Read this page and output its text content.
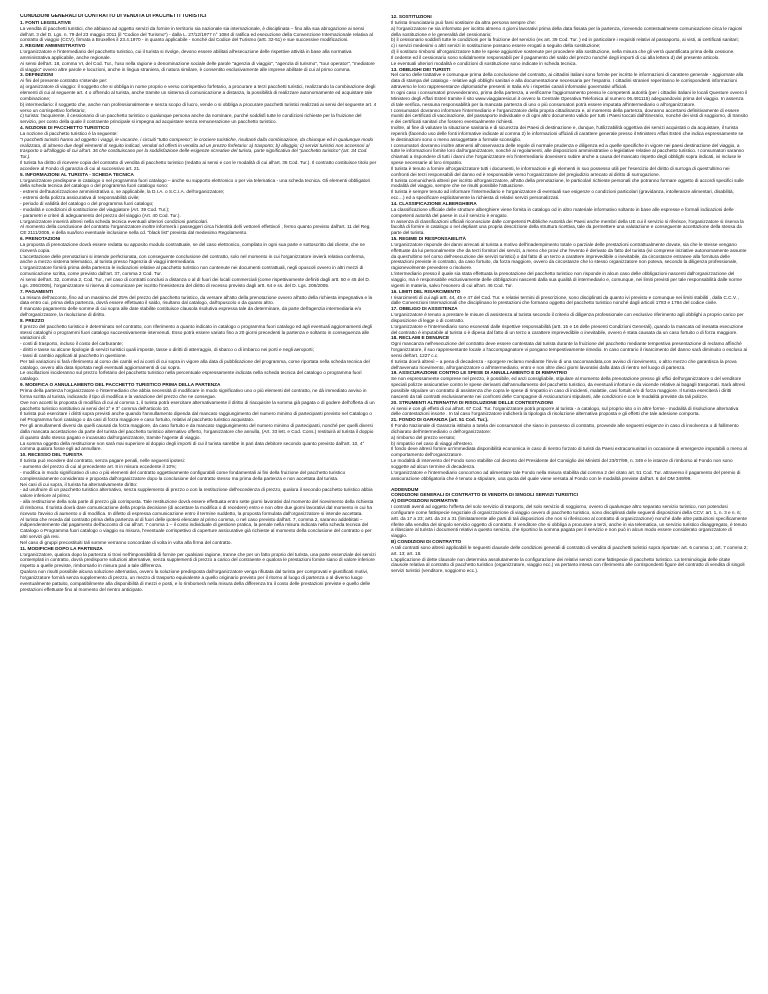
CONDIZIONI GENERALI DI CONTRATTO DI VENDITA DI PACCHETTI TURISTICI
1. FONTI LEGISLATIVE
La vendita di pacchetti turistici, che abbiano ad oggetto servizi da fornire in territorio sia nazionale sia internazionale, è disciplinata – fino alla sua abrogazione ai sensi dell'art. 3 del D. Lgs. n. 79 del 23 maggio 2011 (il "Codice del Turismo") - dalla L. 27/12/1977 n° 1084 di ratifica ed esecuzione della Convenzione Internazionale relativa al contratto di viaggio (CCV), firmata a Bruxelles il 23.4.1970 - in quanto applicabile - nonché dal Codice del Turismo (artt. 32-51) e sue successive modificazioni.
2. REGIME AMMINISTRATIVO
L'organizzatore e l'intermediario del pacchetto turistico, cui il turista si rivolge, devono essere abilitati all'esecuzione delle rispettive attività in base alla normativa amministrativa applicabile, anche regionale.
Ai sensi dell'art. 18, comma VI, del Cod. Tur., l'uso nella ragione o denominazione sociale delle parole "agenzia di viaggio", "agenzia di turismo", "tour operator", "mediatore di viaggio" ovvero altre parole e locuzioni, anche in lingua straniera, di natura similare, è consentito esclusivamente alle imprese abilitate di cui al primo comma.
3. DEFINIZIONI
Ai fini del presente contratto s'intende per:
a) organizzatore di viaggio: il soggetto che si obbliga in nome proprio e verso corrispettivo forfetario, a procurare a terzi pacchetti turistici, realizzando la combinazione degli elementi di cui al seguente art. 4 o offrendo al turista, anche tramite un sistema di comunicazione a distanza, la possibilità di realizzare autonomamente ed acquistare tale combinazione;
b) intermediario: il soggetto che, anche non professionalmente e senza scopo di lucro, vende o si obbliga a procurare pacchetti turistici realizzati ai sensi del seguente art. 4 verso un corrispettivo forfetario;
c) turista: l'acquirente, il cessionario di un pacchetto turistico o qualunque persona anche da nominare, purché soddisfi tutte le condizioni richieste per la fruizione del servizio, per conto della quale il contraente principale si impegna ad acquistare senza remunerazione un pacchetto turistico.
4. NOZIONE DI PACCHETTO TURISTICO
La nozione di pacchetto turistico è la seguente:
"I pacchetti turistici hanno ad oggetto i viaggi, le vacanze, i circuiti "tutto compreso", le crociere turistiche, risultanti dalla combinazione, da chiunque ed in qualunque modo realizzata, di almeno due degli elementi di seguito indicati, venduti od offerti in vendita ad un prezzo forfetario: a) trasporto; b) alloggio; c) servizi turistici non accessori al trasporto o all'alloggio di cui all'art. 36 che costituiscano per la soddisfazione delle esigenze ricreative del turista, parte significativa del "pacchetto turistico" (art. 34 Cod. Tur.).
Il turista ha diritto di ricevere copia del contratto di vendita di pacchetto turistico (redatto ai sensi e con le modalità di cui all'art. 35 Cod. Tur.). Il contratto costituisce titolo per accedere al Fondo di garanzia di cui al successivo art. 21.
5. INFORMAZIONI AL TURISTA - SCHEDA TECNICA
L'organizzatore predispone in catalogo o nel programma fuori catalogo – anche su supporto elettronico o per via telematica - una scheda tecnica. Gli elementi obbligatori della scheda tecnica del catalogo o del programma fuori catalogo sono:
- estremi dell'autorizzazione amministrativa o, se applicabile, la D.I.A. o S.C.I.A. dell'organizzatore;
- estremi della polizza assicurativa di responsabilità civile;
- periodo di validità del catalogo o del programma fuori catalogo;
- modalità e condizioni di sostituzione del viaggiatore (Art. 39 Cod. Tur.);
- parametri e criteri di adeguamento del prezzo del viaggio (Art. 40 Cod. Tur.).
L'organizzatore inserirà altresì nella scheda tecnica eventuali ulteriori condizioni particolari.
Al momento della conclusione del contratto l'organizzatore inoltre informerà i passeggeri circa l'identità del/i vettore/i effettivo/i , fermo quanto previsto dall'art. 11 del Reg. CE 2111/2005, e della sua/loro eventuale inclusione nella cd. "black list" prevista dal medesimo Regolamento.
6. PRENOTAZIONI
La proposta di prenotazione dovrà essere redatta su apposito modulo contrattuale, se del caso elettronico, compilato in ogni sua parte e sottoscritto dal cliente, che ne riceverà copia.
L'accettazione delle prenotazioni si intende perfezionata, con conseguente conclusione del contratto, solo nel momento in cui l'organizzatore invierà relativa conferma, anche a mezzo sistema telematico, al turista presso l'agenzia di viaggi intermediaria.
L'organizzatore fornirà prima della partenza le indicazioni relative al pacchetto turistico non contenute nei documenti contrattuali, negli opuscoli ovvero in altri mezzi di comunicazione scritta, come previsto dall'art. 37, comma 2 Cod. Tur.
Ai sensi dell'art. 32, comma 2, Cod. Tur., nel caso di contratti conclusi a distanza o al di fuori dei locali commerciali (come rispettivamente definiti dagli artt. 50 e 45 del D. Lgs. 206/2005), l'organizzatore si riserva di comunicare per iscritto l'inesistenza del diritto di recesso previsto dagli artt. 64 e ss. del D. Lgs. 206/2005.
7. PAGAMENTI
La misura dell'acconto, fino ad un massimo del 25% del prezzo del pacchetto turistico, da versare all'atto della prenotazione ovvero all'atto della richiesta impegnativa e la data entro cui, prima della partenza, dovrà essere effettuato il saldo, risultano dal catalogo, dall'opuscolo o da quanto altro.
Il mancato pagamento delle somme di cui sopra alle date stabilite costituisce clausola risolutiva espressa tale da determinare, da parte dell'agenzia intermediaria e/o dell'organizzatore, la risoluzione di diritto.
8. PREZZO
Il prezzo del pacchetto turistico è determinato nel contratto, con riferimento a quanto indicato in catalogo o programma fuori catalogo ed agli eventuali aggiornamenti degli stessi cataloghi o programmi fuori catalogo successivamente intervenuti. Esso potrà essere variato fino a 20 giorni precedenti la partenza e soltanto in conseguenza alle variazioni di:
- costi di trasporto, incluso il costo del carburante;
- diritti e tasse su alcune tipologie di servizi turistici quali imposte, tasse o diritti di atterraggio, di sbarco o di imbarco nei porti e negli aeroporti;
- tassi di cambio applicati al pacchetto in questione.
Per tali variazioni si farà riferimento al corso dei cambi ed ai costi di cui sopra in vigore alla data di pubblicazione del programma, come riportata nella scheda tecnica del catalogo, ovvero alla data riportata negli eventuali aggiornamenti di cui sopra.
Le oscillazioni incideranno sul prezzo forfetario del pacchetto turistico nella percentuale espressamente indicata nella scheda tecnica del catalogo o programma fuori catalogo.
9. MODIFICA O ANNULLAMENTO DEL PACCHETTO TURISTICO PRIMA DELLA PARTENZA
Prima della partenza l'organizzatore o l'intermediario che abbia necessità di modificare in modo significativo uno o più elementi del contratto, ne dà immediato avviso in forma scritta al turista, indicando il tipo di modifica e la variazione del prezzo che ne consegue.
Ove non accetti la proposta di modifica di cui al comma 1, il turista potrà esercitare alternativamente il diritto di riacquisire la somma già pagata o di godere dell'offerta di un pacchetto turistico sostitutivo ai sensi del 2° e 3° comma dell'articolo 10.
Il turista può esercitare i diritti sopra previsti anche quando l'annullamento dipenda dal mancato raggiungimento del numero minimo di partecipanti previsto nel Catalogo o nel Programma fuori catalogo o da casi di forza maggiore e caso fortuito, relativi al pacchetto turistico acquistato.
Per gli annullamenti diversi da quelli causati da forza maggiore, da caso fortuito e da mancato raggiungimento del numero minimo di partecipanti, nonché per quelli diversi dalla mancata accettazione da parte del turista del pacchetto turistico alternativo offerto, l'organizzatore che annulla, (Art. 33 lett. e Cod. Cons.) restituirà al turista il doppio di quanto dallo stesso pagato e incassato dall'organizzatore, tramite l'agente di viaggio.
La somma oggetto della restituzione non sarà mai superiore al doppio degli importi di cui il turista sarebbe in pari data debitore secondo quanto previsto dall'art. 10, 4° comma qualora fosse egli ad annullare.
10. RECESSO DEL TURISTA
Il turista può recedere dal contratto, senza pagare penali, nelle seguenti ipotesi:
- aumento del prezzo di cui al precedente art. 8 in misura eccedente il 10%;
- modifica in modo significativo di uno o più elementi del contratto oggettivamente configurabili come fondamentali ai fini della fruizione del pacchetto turistico complessivamente considerato e proposta dall'organizzatore dopo la conclusione del contratto stesso ma prima della partenza e non accettata dal turista.
Nei casi di cui sopra, il turista ha alternativamente diritto:
- ad usufruire di un pacchetto turistico alternativo, senza supplemento di prezzo o con la restituzione dell'eccedenza di prezzo, qualora il secondo pacchetto turistico abbia valore inferiore al primo;
- alla restituzione della sola parte di prezzo già corrisposta. Tale restituzione dovrà essere effettuata entro sette giorni lavorativi dal momento del ricevimento della richiesta di rimborso. Il turista dovrà dare comunicazione della propria decisione (di accettare la modifica o di recedere) entro e non oltre due giorni lavorativi dal momento in cui ha ricevuto l'avviso di aumento o di modifica. In difetto di espressa comunicazione entro il termine suddetto, la proposta formulata dall'organizzatore si intende accettata.
Al turista che receda dal contratto prima della partenza al di fuori delle ipotesi elencate al primo comma, o nel caso previsto dall'art. 7, comma 2, saranno addebitati – indipendentemente dal pagamento dell'acconto di cui all'art. 7 comma 1 – il costo individuale di gestione pratica, la penale nella misura indicata nella scheda tecnica del Catalogo o Programma fuori catalogo o viaggio su misura, l'eventuale corrispettivo di coperture assicurative già richieste al momento della conclusione del contratto o per altri servizi già resi.
Nel caso di gruppi precostituiti tali somme verranno concordate di volta in volta alla firma del contratto.
11. MODIFICHE DOPO LA PARTENZA
L'organizzatore, qualora dopo la partenza si trovi nell'impossibilità di fornire per qualsiasi ragione, tranne che per un fatto proprio del turista, una parte essenziale dei servizi contemplati in contratto, dovrà predisporre soluzioni alternative, senza supplementi di prezzo a carico del contraente e qualora le prestazioni fornite siano di valore inferiore rispetto a quelle previste, rimborsarlo in misura pari a tale differenza.
Qualora non risulti possibile alcuna soluzione alternativa, ovvero la soluzione predisposta dall'organizzatore venga rifiutata dal turista per comprovati e giustificati motivi, l'organizzatore fornirà senza supplemento di prezzo, un mezzo di trasporto equivalente a quello originario previsto per il ritorno al luogo di partenza o al diverso luogo eventualmente pattuito, compatibilmente alla disponibilità di mezzi e posti, e lo rimborserà nella misura della differenza tra il costo delle prestazioni previste e quello delle prestazioni effettuate fino al momento del rientro anticipato.
12. SOSTITUZIONI
Il turista rinunciatario può farsi sostituire da altra persona sempre che:
a) l'organizzatore ne sia informato per iscritto almeno 4 giorni lavorativi prima della data fissata per la partenza, ricevendo contestualmente comunicazione circa le ragioni della sostituzione e le generalità del cessionario;
b) il cessionario soddisfi tutte le condizioni per la fruizione del servizio (ex art. 39 Cod. Tur. ) ed in particolare i requisiti relativi al passaporto, ai visti, ai certificati sanitari;
c) i servizi medesimi o altri servizi in sostituzione possano essere erogati a seguito della sostituzione;
d) il sostituto rimborsi all'organizzatore tutte le spese aggiuntive sostenute per procedere alla sostituzione, nella misura che gli verrà quantificata prima della cessione.
Il cedente ed il cessionario sono solidalmente responsabili per il pagamento del saldo del prezzo nonché degli importi di cui alla lettera d) del presente articolo.
Le eventuali ulteriori modalità e condizioni di sostituzione sono indicate in scheda tecnica.
13. OBBLIGHI DEI TURISTI
Nel corso delle trattative e comunque prima della conclusione del contratto, ai cittadini italiani sono fornite per iscritto le informazioni di carattere generale - aggiornate alla data di stampa del catalogo - relative agli obblighi sanitari e alla documentazione necessaria per l'espatrio. I cittadini stranieri reperiranno le corrispondenti informazioni attraverso le loro rappresentanze diplomatiche presenti in Italia e/o i rispettivi canali informativi governativi ufficiali.
In ogni caso i consumatori provvederanno, prima della partenza, a verificarne l'aggiornamento presso le competenti autorità (per i cittadini italiani le locali Questure ovvero il Ministero degli Affari Esteri tramite il sito www.viaggiaresicuri.it ovvero la Centrale Operativa Telefonica al numero 06.491115) adeguandovisi prima del viaggio. In assenza di tale verifica, nessuna responsabilità per la mancata partenza di uno o più consumatori potrà essere imputata all'intermediario o all'organizzatore.
I consumatori dovranno informare l'intermediario e l'organizzatore della propria cittadinanza e, al momento della partenza, dovranno accertarsi definitivamente di essere muniti dei certificati di vaccinazione, del passaporto individuale e di ogni altro documento valido per tutti i Paesi toccati dall'itinerario, nonché dei visti di soggiorno, di transito e dei certificati sanitari che fossero eventualmente richiesti.
Inoltre, al fine di valutare la situazione sanitaria e di sicurezza dei Paesi di destinazione e, dunque, l'utilizzabilità oggettiva dei servizi acquistati o da acquistare, il turista reperirà (facendo uso delle fonti informative indicate al comma 2) le informazioni ufficiali di carattere generale presso il Ministero Affari Esteri che indica espressamente se le destinazioni sono o meno assoggettate a formale sconsiglio.
I consumatori dovranno inoltre attenersi all'osservanza delle regole di normale prudenza e diligenza ed a quelle specifiche in vigore nei paesi destinazione del viaggio, a tutte le informazioni fornite loro dall'organizzatore, nonché ai regolamenti, alle disposizioni amministrative o legislative relative al pacchetto turistico. I consumatori saranno chiamati a rispondere di tutti i danni che l'organizzatore e/o l'intermediario dovessero subire anche a causa del mancato rispetto degli obblighi sopra indicati, ivi incluse le spese necessarie al loro rimpatrio.
Il turista è tenuto a fornire all'organizzatore tutti i documenti, le informazioni e gli elementi in suo possesso utili per l'esercizio del diritto di surroga di quest'ultimo nei confronti dei terzi responsabili del danno ed è responsabile verso l'organizzatore del pregiudizio arrecato al diritto di surrogazione.
Il turista comunicherà altresì per iscritto all'organizzatore, all'atto della prenotazione, le particolari richieste personali che potranno formare oggetto di accordi specifici sulle modalità del viaggio, sempre che ne risulti possibile l'attuazione.
Il turista è sempre tenuto ad informare l'intermediario e l'organizzatore di eventuali sue esigenze o condizioni particolari (gravidanza, intolleranze alimentari, disabilità, ecc…) ed a specificare esplicitamente la richiesta di relativi servizi personalizzati.
14. CLASSIFICAZIONE ALBERGHIERA
La classificazione ufficiale delle strutture alberghiere viene fornita in catalogo od in altro materiale informativo soltanto in base alle espresse e formali indicazioni delle competenti autorità del paese in cui il servizio è erogato.
In assenza di classificazioni ufficiali riconosciute dalle competenti Pubbliche Autorità dei Paesi anche membri della UE cui il servizio si riferisce, l'organizzatore si riserva la facoltà di fornire in catalogo o nel depliant una propria descrizione della struttura ricettiva, tale da permettere una valutazione e conseguente accettazione della stessa da parte del turista.
15. REGIME DI RESPONSABILITÀ
L'organizzatore risponde dei danni arrecati al turista a motivo dell'inadempimento totale o parziale delle prestazioni contrattualmente dovute, sia che le stesse vengano effettuate da lui personalmente che da terzi fornitori dei servizi, a meno che provi che l'evento è derivato da fatto del turista (ivi comprese iniziative autonomamente assunte da quest'ultimo nel corso dell'esecuzione dei servizi turistici) o dal fatto di un terzo a carattere imprevedibile o inevitabile, da circostanze estranee alla fornitura delle prestazioni previste in contratto, da caso fortuito, da forza maggiore, ovvero da circostanze che lo stesso organizzatore non poteva, secondo la diligenza professionale, ragionevolmente prevedere o risolvere.
L'intermediario presso il quale sia stata effettuata la prenotazione del pacchetto turistico non risponde in alcun caso delle obbligazioni nascenti dall'organizzazione del viaggio, ma è responsabile esclusivamente delle obbligazioni nascenti dalla sua qualità di intermediario e, comunque, nei limiti previsti per tale responsabilità dalle norme vigenti in materia, salvo l'esonero di cui all'art. 46 Cod. Tur.
16. LIMITI DEL RISARCIMENTO
I risarcimenti di cui agli artt. 44, 45 e 47 del Cod. Tur. e relativi termini di prescrizione, sono disciplinati da quanto ivi previsto e comunque nei limiti stabiliti , dalla C.C.V. , dalle Convenzioni Internazionali che disciplinano le prestazioni che formano oggetto del pacchetto turistico nonché dagli articoli 1783 e 1784 del codice civile.
17. OBBLIGO DI ASSISTENZA
L'organizzatore è tenuto a prestare le misure di assistenza al turista secondo il criterio di diligenza professionale con esclusivo riferimento agli obblighi a proprio carico per disposizione di legge o di contratto.
L'organizzatore e l'intermediario sono esonerati dalle rispettive responsabilità (artt. 15 e 16 delle presenti Condizioni Generali), quando la mancata od inesatta esecuzione del contratto è imputabile al turista o è dipesa dal fatto di un terzo a carattere imprevedibile o inevitabile, ovvero è stata causata da un caso fortuito o di forza maggiore.
18. RECLAMI E DENUNCE
Ogni mancanza nell'esecuzione del contratto deve essere contestata dal turista durante la fruizione del pacchetto mediante tempestiva presentazione di reclamo affinché l'organizzatore, il suo rappresentante locale o l'accompagnatore vi pongano tempestivamente rimedio. In caso contrario il risarcimento del danno sarà diminuito o escluso ai sensi dell'art. 1227 c.c.
Il turista dovrà altresì – a pena di decadenza - sporgere reclamo mediante l'invio di una raccomandata,con avviso di ricevimento, o altro mezzo che garantisca la prova dell'avvenuto ricevimento, all'organizzatore o all'intermediario, entro e non oltre dieci giorni lavorativi dalla data di rientro nel luogo di partenza.
19. ASSICURAZIONE CONTRO LE SPESE DI ANNULLAMENTO E DI RIMPATRIO
Se non espressamente comprese nel prezzo, è possibile, ed anzi consigliabile, stipulare al momento della prenotazione presso gli uffici dell'organizzatore o del venditore speciali polizze assicurative contro le spese derivanti dall'annullamento del pacchetto turistico, da eventuali infortuni e da vicende relative ai bagagli trasportati. Sarà altresì possibile stipulare un contratto di assistenza che copra le spese di rimpatrio in caso di incidenti, malattie, casi fortuiti e/o di forza maggiore. Il turista eserciterà i diritti nascenti da tali contratti esclusivamente nei confronti delle Compagnie di Assicurazioni stipulanti, alle condizioni e con le modalità previste da tali polizze.
20. STRUMENTI ALTERNATIVI DI RISOLUZIONE DELLE CONTESTAZIONI
Ai sensi e con gli effetti di cui all'art. 67 Cod. Tur. l'organizzatore potrà proporre al turista - a catalogo, sul proprio sito o in altre forme - modalità di risoluzione alternativa delle contestazioni insorte . In tal caso l'organizzatore indicherà la tipologia di risoluzione alternativa proposta e gli effetti che tale adesione comporta.
21. FONDO DI GARANZIA (art. 51 Cod. Tur.).
Il Fondo Nazionale di Garanzia istituito a tutela dei consumatori che siano in possesso di contratto, provvede alle seguenti esigenze in caso di insolvenza o di fallimento dichiarato dell'intermediario o dell'organizzatore:
a) rimborso del prezzo versato;
b) rimpatrio nel caso di viaggi all'estero.
Il fondo deve altresì fornire un'immediata disponibilità economica in caso di rientro forzato di turisti da Paesi extracomunitari in occasione di emergenze imputabili o meno al comportamento dell'organizzatore.
Le modalità di intervento del Fondo sono stabilite col decreto del Presidente del Consiglio dei Ministri del 23/07/99, n. 349 e le istanze di rimborso al Fondo non sono soggette ad alcun termine di decadenza.
L'organizzatore e l'intermediario concorrono ad alimentare tale Fondo nella misura stabilita dal comma 2 del citato art. 51 Cod. Tur. attraverso il pagamento del premio di assicurazione obbligatoria che è tenuto a stipulare, una quota del quale viene versata al Fondo con le modalità previste dall'art. 6 del DM 349/99.
ADDENDUM
CONDIZIONI GENERALI DI CONTRATTO DI VENDITA DI SINGOLI SERVIZI TURISTICI
A) DISPOSIZIONI NORMATIVE
I contratti aventi ad oggetto l'offerta del solo servizio di trasporto, del solo servizio di soggiorno, ovvero di qualunque altro separato servizio turistico, non potendosi configurare come fattispecie negoziale di organizzazione di viaggio ovvero di pacchetto turistico, sono disciplinati dalle seguenti disposizioni della CCV: art. 1, n. 3 e n. 6; artt. da 17 a 23; artt. da 24 a 31 (limitatamente alle parti di tali disposizioni che non si riferiscono al contratto di organizzazione) nonché dalle altre pattuizioni specificamente riferite alla vendita del singolo servizio oggetto di contratto. Il venditore che si obbliga a procurare a terzi, anche in via telematica, un servizio turistico disaggregato, è tenuto a rilasciare al turista i documenti relativi a questo servizio, che riportino la somma pagata per il servizio e non può in alcun modo essere considerato organizzatore di viaggio.
B) CONDIZIONI DI CONTRATTO
A tali contratti sono altresì applicabili le seguenti clausole delle condizioni generali di contratto di vendita di pacchetti turistici sopra riportate: art. 6 comma 1; art. 7 comma 2; art. 13; art. 18.
L'applicazione di dette clausole non determina assolutamente la configurazione dei relativi servizi come fattispecie di pacchetto turistico. La terminologia delle citate clausole relativa al contratto di pacchetto turistico (organizzatore, viaggio ecc.) va pertanto intesa con riferimento alle corrispondenti figure del contratto di vendita di singoli servizi turistici (venditore, soggiorno ecc.).
